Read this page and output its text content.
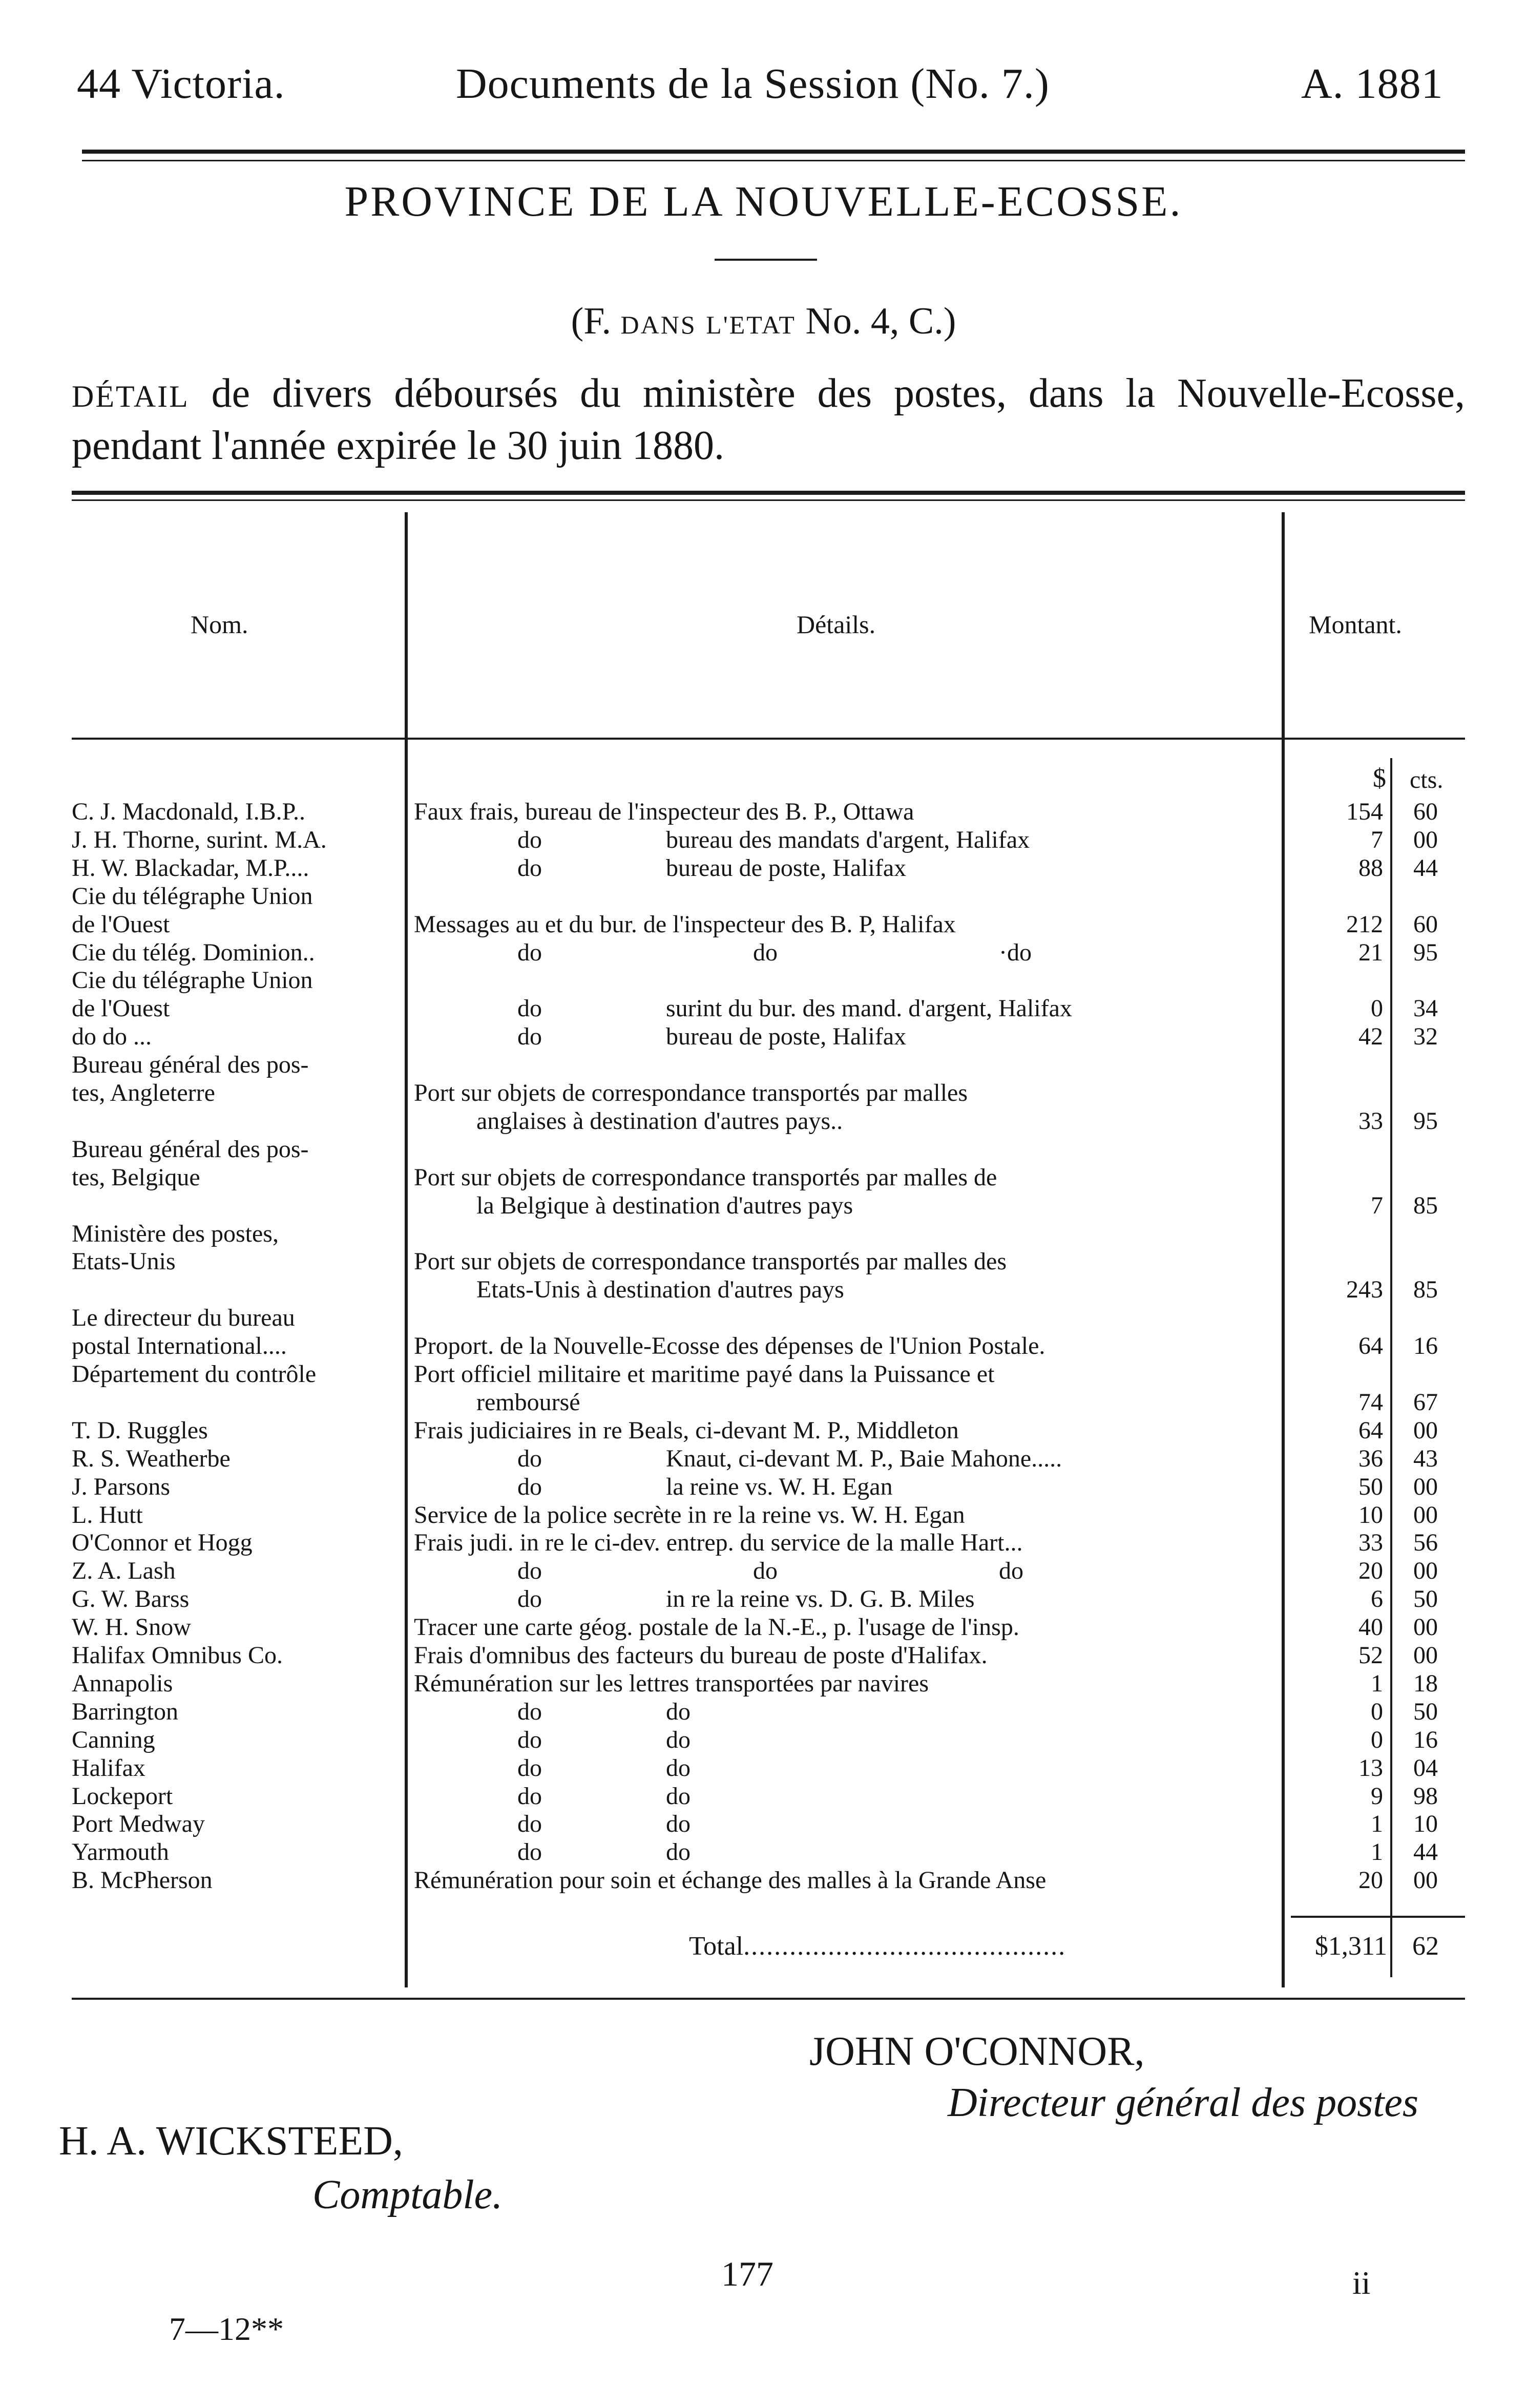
44 Victoria.	Documents de la Session (No. 7.)	A. 1881
PROVINCE DE LA NOUVELLE-ECOSSE.
(F. DANS L'ETAT No. 4, C.)
DÉTAIL de divers déboursés du ministère des postes, dans la Nouvelle-Ecosse, pendant l'année expirée le 30 juin 1880.
Nom.	Détails.	Montant.
$ cts.
C. J. Macdonald, I.B.P..	Faux frais, bureau de l'inspecteur des B. P., Ottawa	154	60
J. H. Thorne, surint. M.A.	do	bureau des mandats d'argent, Halifax	7	00
H. W. Blackadar, M.P....	do	bureau de poste, Halifax	88	44
Cie du télégraphe Union
de l'Ouest	Messages au et du bur. de l'inspecteur des B. P, Halifax	212	60
Cie du télég. Dominion..	do	do	·do	21	95
Cie du télégraphe Union
de l'Ouest	do	surint du bur. des mand. d'argent, Halifax	0	34
do do ...	do	bureau de poste, Halifax	42	32
Bureau général des pos-
tes, Angleterre	Port sur objets de correspondance transportés par malles
anglaises à destination d'autres pays..	33	95
Bureau général des pos-
tes, Belgique	Port sur objets de correspondance transportés par malles de
la Belgique à destination d'autres pays	7	85
Ministère des postes,
Etats-Unis	Port sur objets de correspondance transportés par malles des
Etats-Unis à destination d'autres pays	243	85
Le directeur du bureau
postal International....	Proport. de la Nouvelle-Ecosse des dépenses de l'Union Postale.	64	16
Département du contrôle	Port officiel militaire et maritime payé dans la Puissance et
remboursé	74	67
T. D. Ruggles	Frais judiciaires in re Beals, ci-devant M. P., Middleton	64	00
R. S. Weatherbe	do	Knaut, ci-devant M. P., Baie Mahone.....	36	43
J. Parsons	do	la reine vs. W. H. Egan	50	00
L. Hutt	Service de la police secrète in re la reine vs. W. H. Egan	10	00
O'Connor et Hogg	Frais judi. in re le ci-dev. entrep. du service de la malle Hart...	33	56
Z. A. Lash	do	do	do	20	00
G. W. Barss	do	in re la reine vs. D. G. B. Miles	6	50
W. H. Snow	Tracer une carte géog. postale de la N.-E., p. l'usage de l'insp.	40	00
Halifax Omnibus Co.	Frais d'omnibus des facteurs du bureau de poste d'Halifax.	52	00
Annapolis	Rémunération sur les lettres transportées par navires	1	18
Barrington	do	do	0	50
Canning	do	do	0	16
Halifax	do	do	13	04
Lockeport	do	do	9	98
Port Medway	do	do	1	10
Yarmouth	do	do	1	44
B. McPherson	Rémunération pour soin et échange des malles à la Grande Anse	20	00
Total..........................................	$1,311 62
JOHN O'CONNOR,
Directeur général des postes
H. A. WICKSTEED,
Comptable.
7—12**
177	ii
